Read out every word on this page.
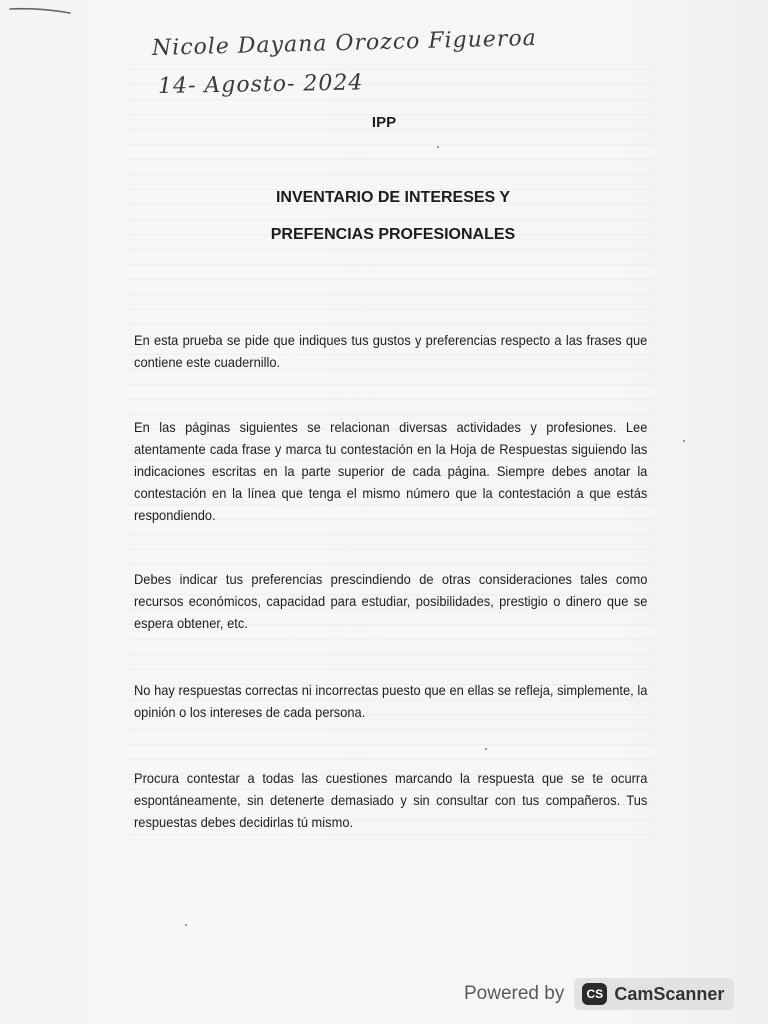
Nicole Dayana Orozco Figueroa
14- Agosto- 2024
IPP
INVENTARIO DE INTERESES Y
PREFENCIAS PROFESIONALES

En esta prueba se pide que indiques tus gustos y preferencias respecto a las frases que contiene este cuadernillo.

En las páginas siguientes se relacionan diversas actividades y profesiones. Lee atentamente cada frase y marca tu contestación en la Hoja de Respuestas siguiendo las indicaciones escritas en la parte superior de cada página. Siempre debes anotar la contestación en la línea que tenga el mismo número que la contestación a que estás respondiendo.

Debes indicar tus preferencias prescindiendo de otras consideraciones tales como recursos económicos, capacidad para estudiar, posibilidades, prestigio o dinero que se espera obtener, etc.

No hay respuestas correctas ni incorrectas puesto que en ellas se refleja, simplemente, la opinión o los intereses de cada persona.

Procura contestar a todas las cuestiones marcando la respuesta que se te ocurra espontáneamente, sin detenerte demasiado y sin consultar con tus compañeros. Tus respuestas debes decidirlas tú mismo.

Powered by	CS CamScanner
